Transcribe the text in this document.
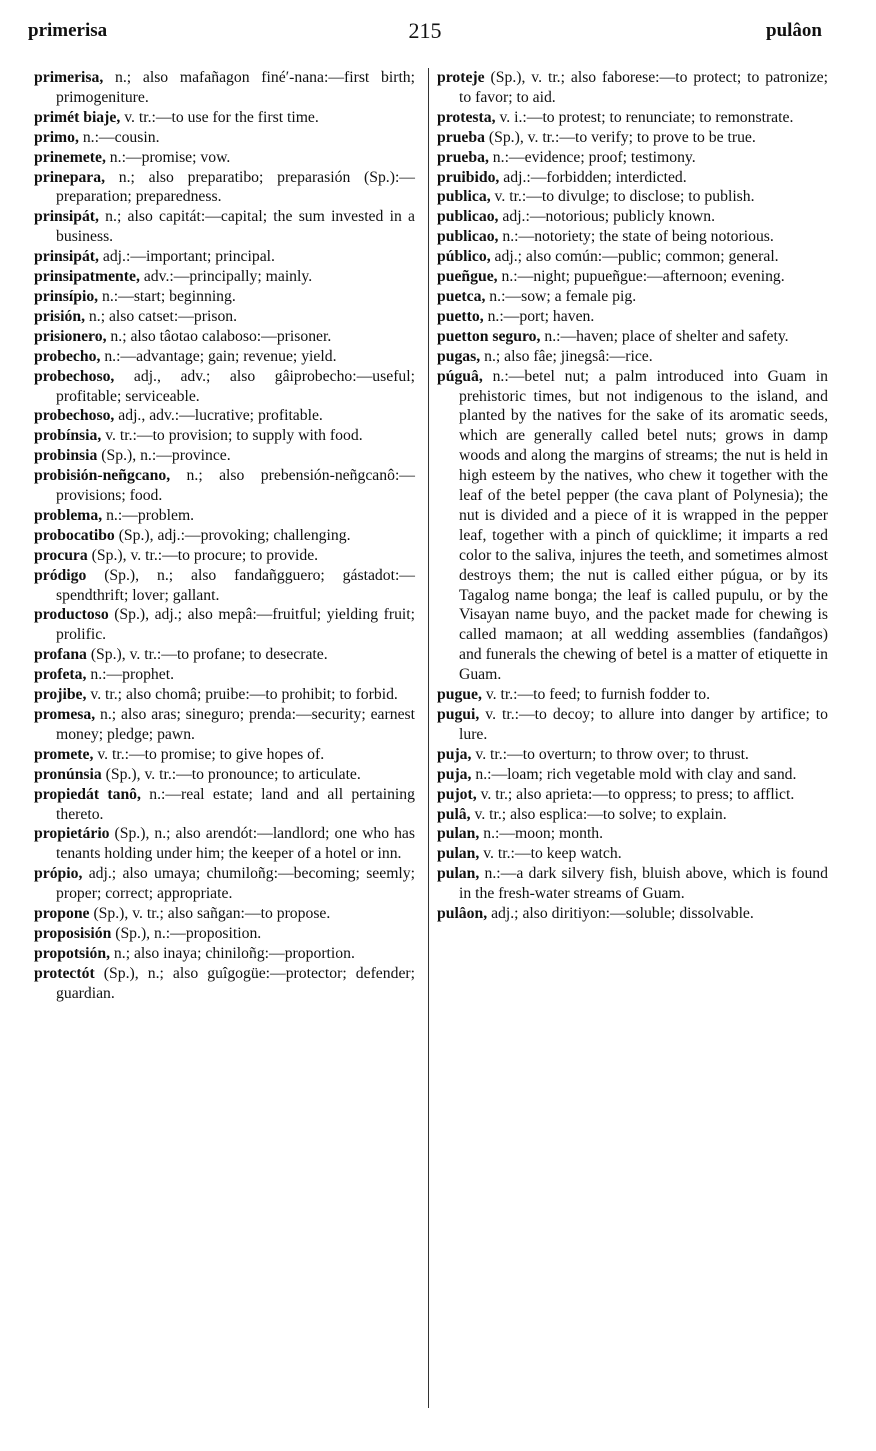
primerisa	215	pulâon

primerisa, n.; also mafañagon finé′-nana:—first birth; primogeniture.

primét biaje, v. tr.:—to use for the first time.

primo, n.:—cousin.

prinemete, n.:—promise; vow.

prinepara, n.; also preparatibo; preparasión (Sp.):—preparation; preparedness.

prinsipát, n.; also capitát:—capital; the sum invested in a business.

prinsipát, adj.:—important; principal.

prinsipatmente, adv.:—principally; mainly.

prinsípio, n.:—start; beginning.

prisión, n.; also catset:—prison.

prisionero, n.; also tâotao calaboso:—prisoner.

probecho, n.:—advantage; gain; revenue; yield.

probechoso, adj., adv.; also gâiprobecho:—useful; profitable; serviceable.

probechoso, adj., adv.:—lucrative; profitable.

probínsia, v. tr.:—to provision; to supply with food.

probinsia (Sp.), n.:—province.

probisión-neñgcano, n.; also prebensión-neñgcanô:—provisions; food.

problema, n.:—problem.

probocatibo (Sp.), adj.:—provoking; challenging.

procura (Sp.), v. tr.:—to procure; to provide.

pródigo (Sp.), n.; also fandañgguero; gástadot:—spendthrift; lover; gallant.

productoso (Sp.), adj.; also mepâ:—fruitful; yielding fruit; prolific.

profana (Sp.), v. tr.:—to profane; to desecrate.

profeta, n.:—prophet.

projibe, v. tr.; also chomâ; pruibe:—to prohibit; to forbid.

promesa, n.; also aras; sineguro; prenda:—security; earnest money; pledge; pawn.

promete, v. tr.:—to promise; to give hopes of.

pronúnsia (Sp.), v. tr.:—to pronounce; to articulate.

propiedát tanô, n.:—real estate; land and all pertaining thereto.

propietário (Sp.), n.; also arendót:—landlord; one who has tenants holding under him; the keeper of a hotel or inn.

própio, adj.; also umaya; chumiloñg:—becoming; seemly; proper; correct; appropriate.

propone (Sp.), v. tr.; also sañgan:—to propose.

proposisión (Sp.), n.:—proposition.

propotsión, n.; also inaya; chiniloñg:—proportion.

protectót (Sp.), n.; also guîgogüe:—protector; defender; guardian.

proteje (Sp.), v. tr.; also faborese:—to protect; to patronize; to favor; to aid.

protesta, v. i.:—to protest; to renunciate; to remonstrate.

prueba (Sp.), v. tr.:—to verify; to prove to be true.

prueba, n.:—evidence; proof; testimony.

pruibido, adj.:—forbidden; interdicted.

publica, v. tr.:—to divulge; to disclose; to publish.

publicao, adj.:—notorious; publicly known.

publicao, n.:—notoriety; the state of being notorious.

público, adj.; also común:—public; common; general.

pueñgue, n.:—night; pupueñgue:—afternoon; evening.

puetca, n.:—sow; a female pig.

puetto, n.:—port; haven.

puetton seguro, n.:—haven; place of shelter and safety.

pugas, n.; also fâe; jinegsâ:—rice.

púguâ, n.:—betel nut; a palm introduced into Guam in prehistoric times, but not indigenous to the island, and planted by the natives for the sake of its aromatic seeds, which are generally called betel nuts; grows in damp woods and along the margins of streams; the nut is held in high esteem by the natives, who chew it together with the leaf of the betel pepper (the cava plant of Polynesia); the nut is divided and a piece of it is wrapped in the pepper leaf, together with a pinch of quicklime; it imparts a red color to the saliva, injures the teeth, and sometimes almost destroys them; the nut is called either púgua, or by its Tagalog name bonga; the leaf is called pupulu, or by the Visayan name buyo, and the packet made for chewing is called mamaon; at all wedding assemblies (fandañgos) and funerals the chewing of betel is a matter of etiquette in Guam.

pugue, v. tr.:—to feed; to furnish fodder to.

pugui, v. tr.:—to decoy; to allure into danger by artifice; to lure.

puja, v. tr.:—to overturn; to throw over; to thrust.

puja, n.:—loam; rich vegetable mold with clay and sand.

pujot, v. tr.; also aprieta:—to oppress; to press; to afflict.

pulâ, v. tr.; also esplica:—to solve; to explain.

pulan, n.:—moon; month.

pulan, v. tr.:—to keep watch.

pulan, n.:—a dark silvery fish, bluish above, which is found in the fresh-water streams of Guam.

pulâon, adj.; also diritiyon:—soluble; dissolvable.
